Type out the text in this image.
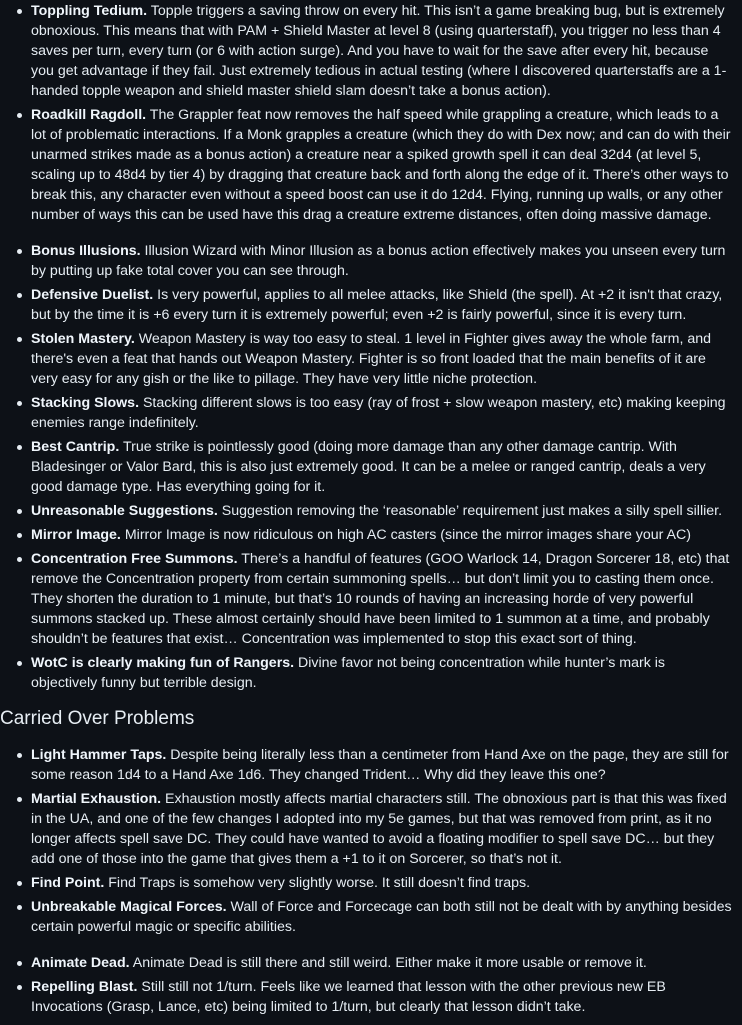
Toppling Tedium. Topple triggers a saving throw on every hit. This isn’t a game breaking bug, but is extremely obnoxious. This means that with PAM + Shield Master at level 8 (using quarterstaff), you trigger no less than 4 saves per turn, every turn (or 6 with action surge). And you have to wait for the save after every hit, because you get advantage if they fail. Just extremely tedious in actual testing (where I discovered quarterstaffs are a 1-handed topple weapon and shield master shield slam doesn’t take a bonus action).
Roadkill Ragdoll. The Grappler feat now removes the half speed while grappling a creature, which leads to a lot of problematic interactions. If a Monk grapples a creature (which they do with Dex now; and can do with their unarmed strikes made as a bonus action) a creature near a spiked growth spell it can deal 32d4 (at level 5, scaling up to 48d4 by tier 4) by dragging that creature back and forth along the edge of it. There’s other ways to break this, any character even without a speed boost can use it do 12d4. Flying, running up walls, or any other number of ways this can be used have this drag a creature extreme distances, often doing massive damage.
Bonus Illusions. Illusion Wizard with Minor Illusion as a bonus action effectively makes you unseen every turn by putting up fake total cover you can see through.
Defensive Duelist. Is very powerful, applies to all melee attacks, like Shield (the spell). At +2 it isn't that crazy, but by the time it is +6 every turn it is extremely powerful; even +2 is fairly powerful, since it is every turn.
Stolen Mastery. Weapon Mastery is way too easy to steal. 1 level in Fighter gives away the whole farm, and there's even a feat that hands out Weapon Mastery. Fighter is so front loaded that the main benefits of it are very easy for any gish or the like to pillage. They have very little niche protection.
Stacking Slows. Stacking different slows is too easy (ray of frost + slow weapon mastery, etc) making keeping enemies range indefinitely.
Best Cantrip. True strike is pointlessly good (doing more damage than any other damage cantrip. With Bladesinger or Valor Bard, this is also just extremely good. It can be a melee or ranged cantrip, deals a very good damage type. Has everything going for it.
Unreasonable Suggestions. Suggestion removing the ‘reasonable’ requirement just makes a silly spell sillier.
Mirror Image. Mirror Image is now ridiculous on high AC casters (since the mirror images share your AC)
Concentration Free Summons. There’s a handful of features (GOO Warlock 14, Dragon Sorcerer 18, etc) that remove the Concentration property from certain summoning spells… but don’t limit you to casting them once. They shorten the duration to 1 minute, but that’s 10 rounds of having an increasing horde of very powerful summons stacked up. These almost certainly should have been limited to 1 summon at a time, and probably shouldn’t be features that exist… Concentration was implemented to stop this exact sort of thing.
WotC is clearly making fun of Rangers. Divine favor not being concentration while hunter’s mark is objectively funny but terrible design.
Carried Over Problems
Light Hammer Taps. Despite being literally less than a centimeter from Hand Axe on the page, they are still for some reason 1d4 to a Hand Axe 1d6. They changed Trident… Why did they leave this one?
Martial Exhaustion. Exhaustion mostly affects martial characters still. The obnoxious part is that this was fixed in the UA, and one of the few changes I adopted into my 5e games, but that was removed from print, as it no longer affects spell save DC. They could have wanted to avoid a floating modifier to spell save DC… but they add one of those into the game that gives them a +1 to it on Sorcerer, so that’s not it.
Find Point. Find Traps is somehow very slightly worse. It still doesn’t find traps.
Unbreakable Magical Forces. Wall of Force and Forcecage can both still not be dealt with by anything besides certain powerful magic or specific abilities.
Animate Dead. Animate Dead is still there and still weird. Either make it more usable or remove it.
Repelling Blast. Still still not 1/turn. Feels like we learned that lesson with the other previous new EB Invocations (Grasp, Lance, etc) being limited to 1/turn, but clearly that lesson didn’t take.
